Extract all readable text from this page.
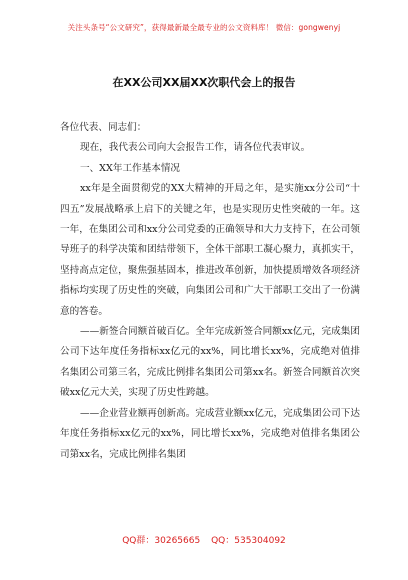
关注头条号“公文研究”，获得最新最全最专业的公文资料库！ 微信：gongwenyj
在XX公司XX届XX次职代会上的报告

各位代表、同志们：

现在，我代表公司向大会报告工作，请各位代表审议。

一、XX年工作基本情况

xx年是全面贯彻党的XX大精神的开局之年，是实施xx分公司“十四五”发展战略承上启下的关键之年，也是实现历史性突破的一年。这一年，在集团公司和xx分公司党委的正确领导和大力支持下，在公司领导班子的科学决策和团结带领下，全体干部职工凝心聚力，真抓实干，坚持高点定位，聚焦强基固本，推进改革创新，加快提质增效各项经济指标均实现了历史性的突破，向集团公司和广大干部职工交出了一份满意的答卷。

——新签合同额首破百亿。全年完成新签合同额xx亿元，完成集团公司下达年度任务指标xx亿元的xx%，同比增长xx%，完成绝对值排名集团公司第三名，完成比例排名集团公司第xx名。新签合同额首次突破xx亿元大关，实现了历史性跨越。

——企业营业额再创新高。完成营业额xx亿元，完成集团公司下达年度任务指标xx亿元的xx%，同比增长xx%，完成绝对值排名集团公司第xx名，完成比例排名集团

QQ群：30265665 QQ：535304092
